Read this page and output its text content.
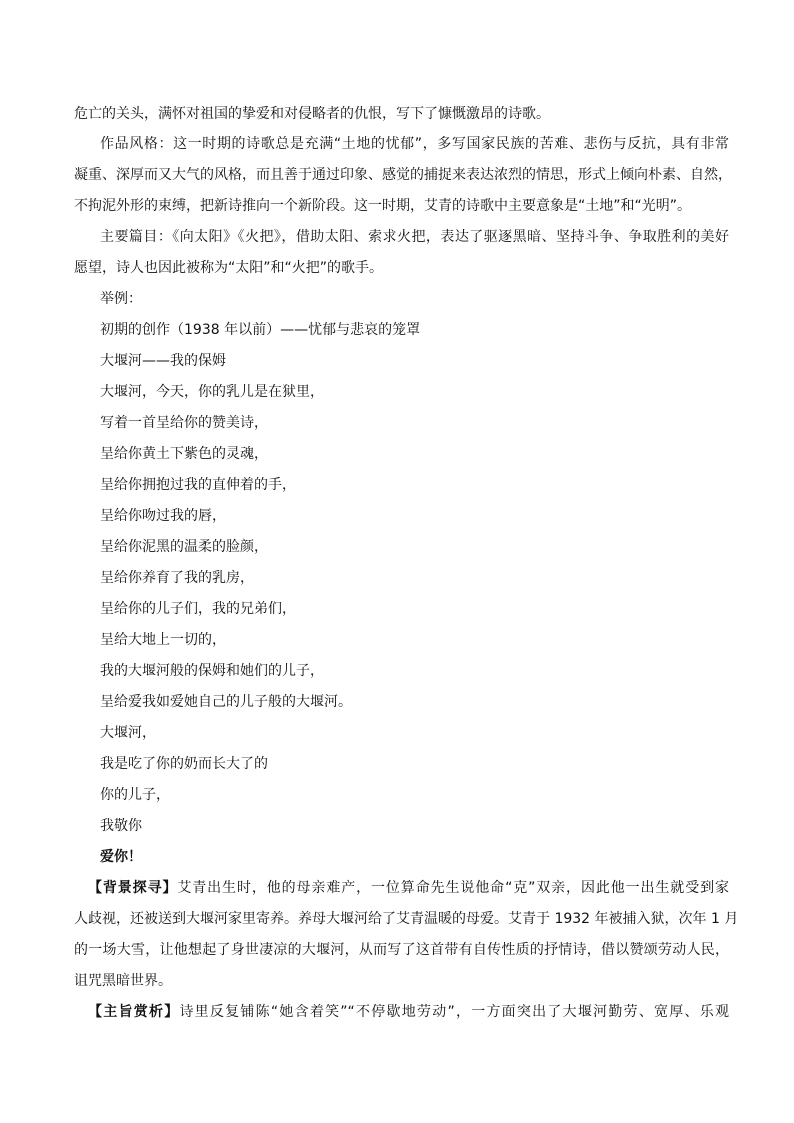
危亡的关头，满怀对祖国的挚爱和对侵略者的仇恨，写下了慷慨激昂的诗歌。
作品风格：这一时期的诗歌总是充满“土地的忧郁”，多写国家民族的苦难、悲伤与反抗，具有非常
凝重、深厚而又大气的风格，而且善于通过印象、感觉的捕捉来表达浓烈的情思，形式上倾向朴素、自然，
不拘泥外形的束缚，把新诗推向一个新阶段。这一时期，艾青的诗歌中主要意象是“土地”和“光明”。
主要篇目：《向太阳》《火把》，借助太阳、索求火把，表达了驱逐黑暗、坚持斗争、争取胜利的美好
愿望，诗人也因此被称为“太阳”和“火把”的歌手。
举例：
初期的创作（1938 年以前）——忧郁与悲哀的笼罩
大堰河——我的保姆
大堰河，今天，你的乳儿是在狱里，
写着一首呈给你的赞美诗，
呈给你黄土下紫色的灵魂，
呈给你拥抱过我的直伸着的手，
呈给你吻过我的唇，
呈给你泥黑的温柔的脸颜，
呈给你养育了我的乳房，
呈给你的儿子们，我的兄弟们，
呈给大地上一切的，
我的大堰河般的保姆和她们的儿子，
呈给爱我如爱她自己的儿子般的大堰河。
大堰河，
我是吃了你的奶而长大了的
你的儿子，
我敬你
爱你！
【背景探寻】艾青出生时，他的母亲难产，一位算命先生说他命“克”双亲，因此他一出生就受到家
人歧视，还被送到大堰河家里寄养。养母大堰河给了艾青温暖的母爱。艾青于 1932 年被捕入狱，次年 1 月
的一场大雪，让他想起了身世凄凉的大堰河，从而写了这首带有自传性质的抒情诗，借以赞颂劳动人民，
诅咒黑暗世界。
【主旨赏析】诗里反复铺陈“她含着笑”“不停歇地劳动”，一方面突出了大堰河勤劳、宽厚、乐观
